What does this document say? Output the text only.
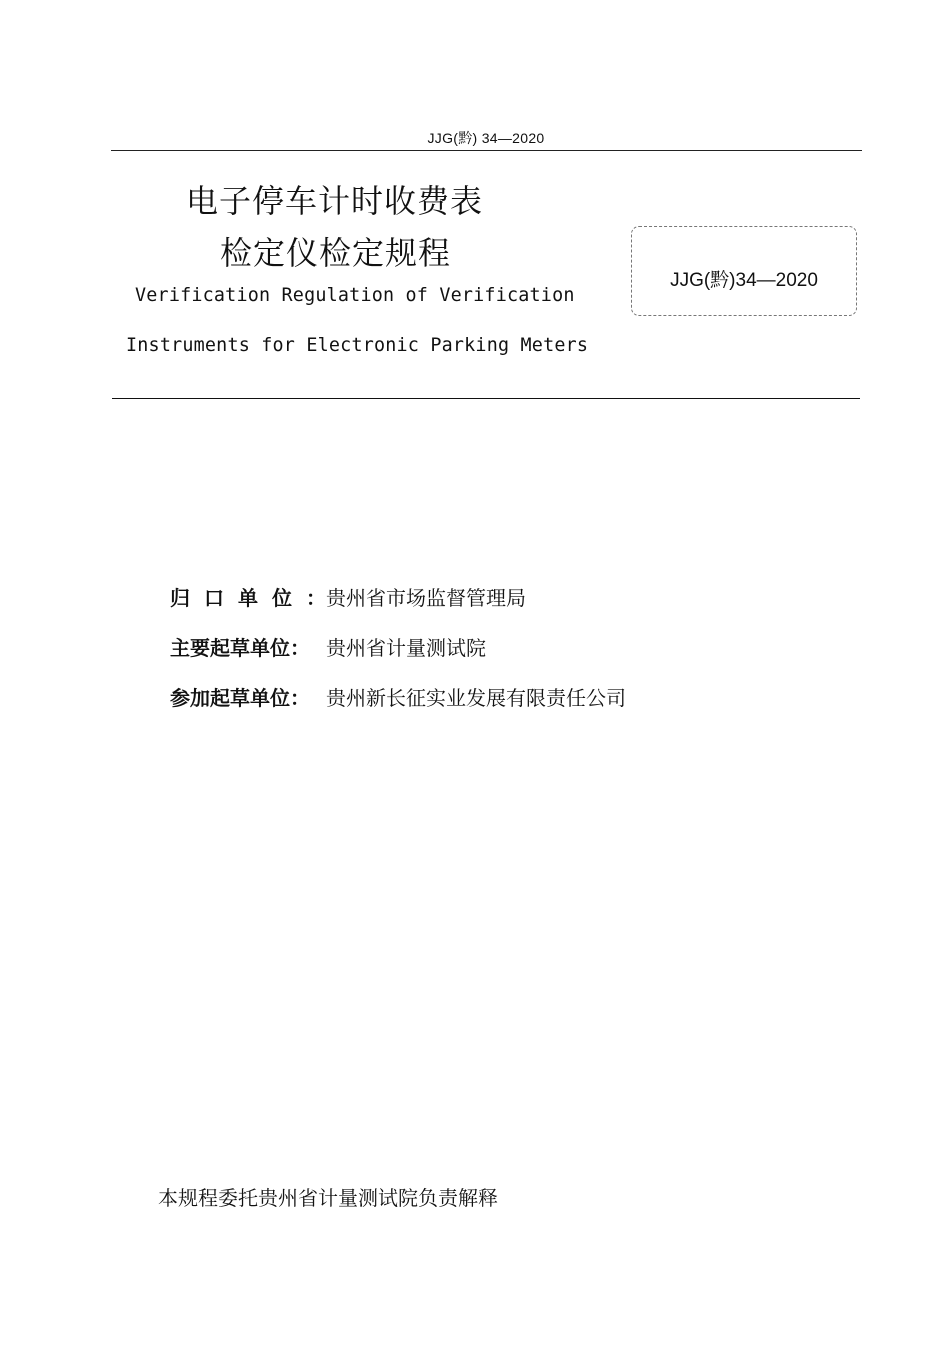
JJG(黔) 34—2020
电子停车计时收费表
检定仪检定规程
Verification Regulation of Verification
Instruments for Electronic Parking Meters
JJG(黔)34—2020
归 口 单 位 ： 贵州省市场监督管理局
主要起草单位： 贵州省计量测试院
参加起草单位： 贵州新长征实业发展有限责任公司
本规程委托贵州省计量测试院负责解释
